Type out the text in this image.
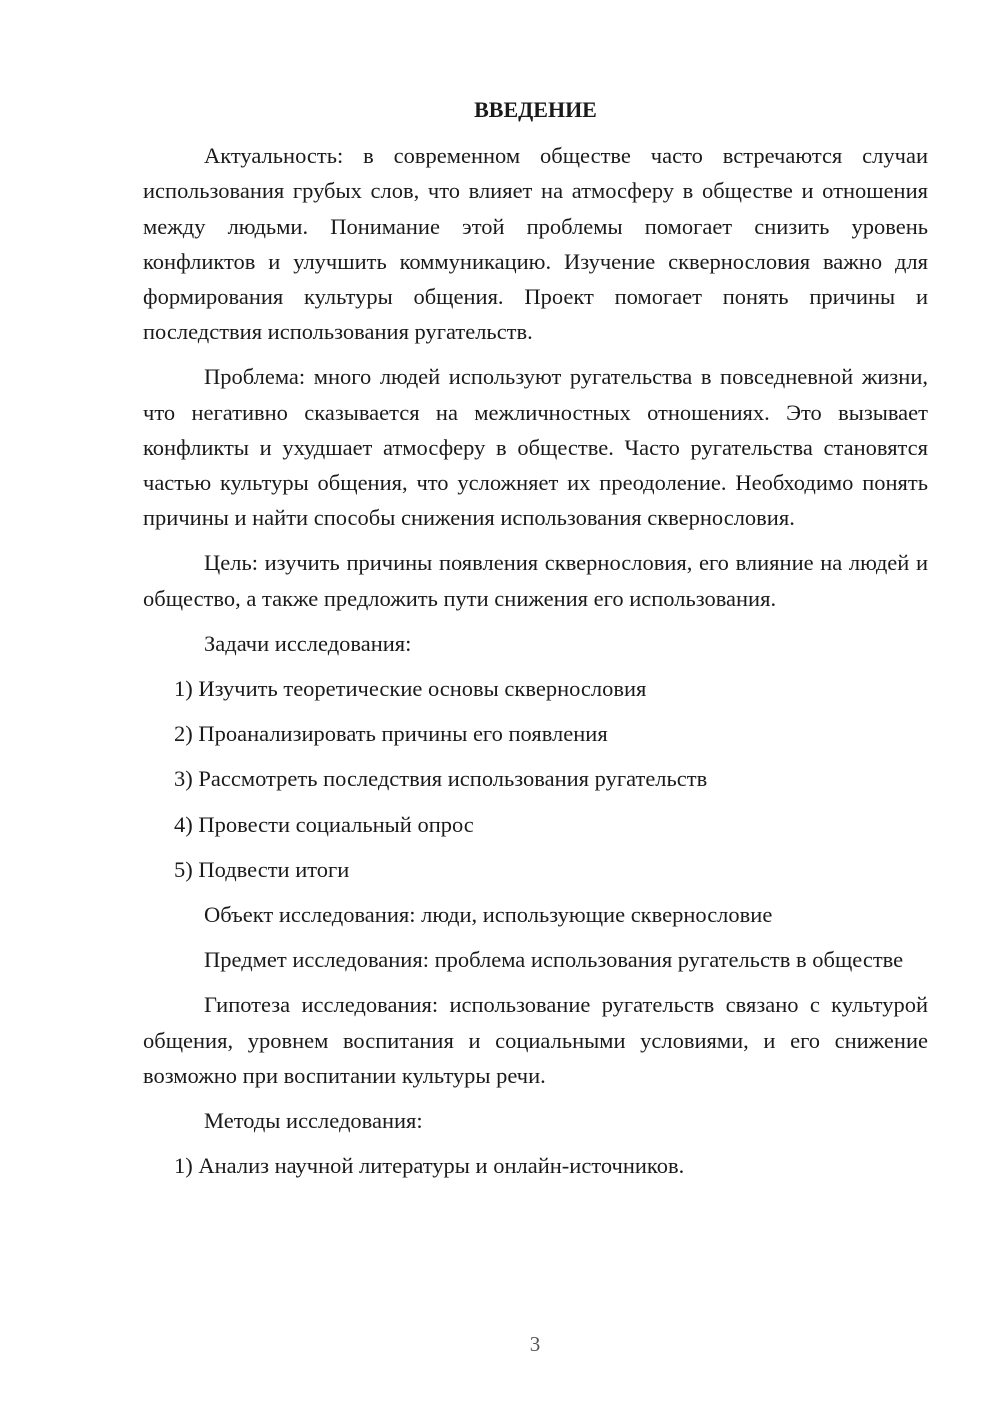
ВВЕДЕНИЕ

Актуальность: в современном обществе часто встречаются случаи использования грубых слов, что влияет на атмосферу в обществе и отношения между людьми. Понимание этой проблемы помогает снизить уровень конфликтов и улучшить коммуникацию. Изучение сквернословия важно для формирования культуры общения. Проект помогает понять причины и последствия использования ругательств.

Проблема: много людей используют ругательства в повседневной жизни, что негативно сказывается на межличностных отношениях. Это вызывает конфликты и ухудшает атмосферу в обществе. Часто ругательства становятся частью культуры общения, что усложняет их преодоление. Необходимо понять причины и найти способы снижения использования сквернословия.

Цель: изучить причины появления сквернословия, его влияние на людей и общество, а также предложить пути снижения его использования.

Задачи исследования:

1) Изучить теоретические основы сквернословия

2) Проанализировать причины его появления

3) Рассмотреть последствия использования ругательств

4) Провести социальный опрос

5) Подвести итоги

Объект исследования: люди, использующие сквернословие

Предмет исследования: проблема использования ругательств в обществе

Гипотеза исследования: использование ругательств связано с культурой общения, уровнем воспитания и социальными условиями, и его снижение возможно при воспитании культуры речи.

Методы исследования:

1) Анализ научной литературы и онлайн-источников.

3
